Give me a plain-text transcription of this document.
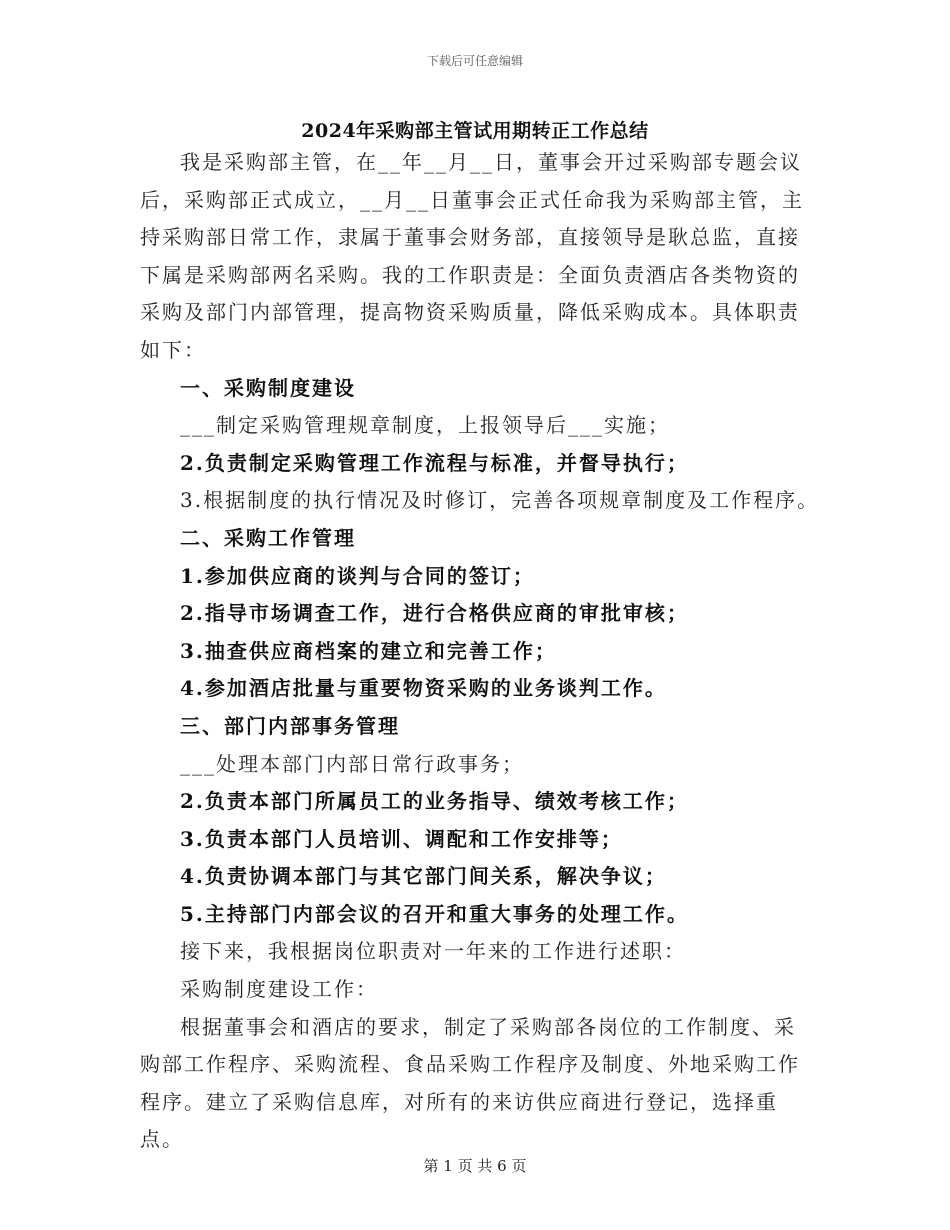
下载后可任意编辑
2024年采购部主管试用期转正工作总结

我是采购部主管，在__年__月__日，董事会开过采购部专题会议后，采购部正式成立，__月__日董事会正式任命我为采购部主管，主持采购部日常工作，隶属于董事会财务部，直接领导是耿总监，直接下属是采购部两名采购。我的工作职责是：全面负责酒店各类物资的采购及部门内部管理，提高物资采购质量，降低采购成本。具体职责如下：

一、采购制度建设

___制定采购管理规章制度，上报领导后___实施；

2.负责制定采购管理工作流程与标准，并督导执行；

3.根据制度的执行情况及时修订，完善各项规章制度及工作程序。

二、采购工作管理

1.参加供应商的谈判与合同的签订；

2.指导市场调查工作，进行合格供应商的审批审核；

3.抽查供应商档案的建立和完善工作；

4.参加酒店批量与重要物资采购的业务谈判工作。

三、部门内部事务管理

___处理本部门内部日常行政事务；

2.负责本部门所属员工的业务指导、绩效考核工作；

3.负责本部门人员培训、调配和工作安排等；

4.负责协调本部门与其它部门间关系，解决争议；

5.主持部门内部会议的召开和重大事务的处理工作。

接下来，我根据岗位职责对一年来的工作进行述职：

采购制度建设工作：

根据董事会和酒店的要求，制定了采购部各岗位的工作制度、采购部工作程序、采购流程、食品采购工作程序及制度、外地采购工作程序。建立了采购信息库，对所有的来访供应商进行登记，选择重点。

第 1 页 共 6 页
